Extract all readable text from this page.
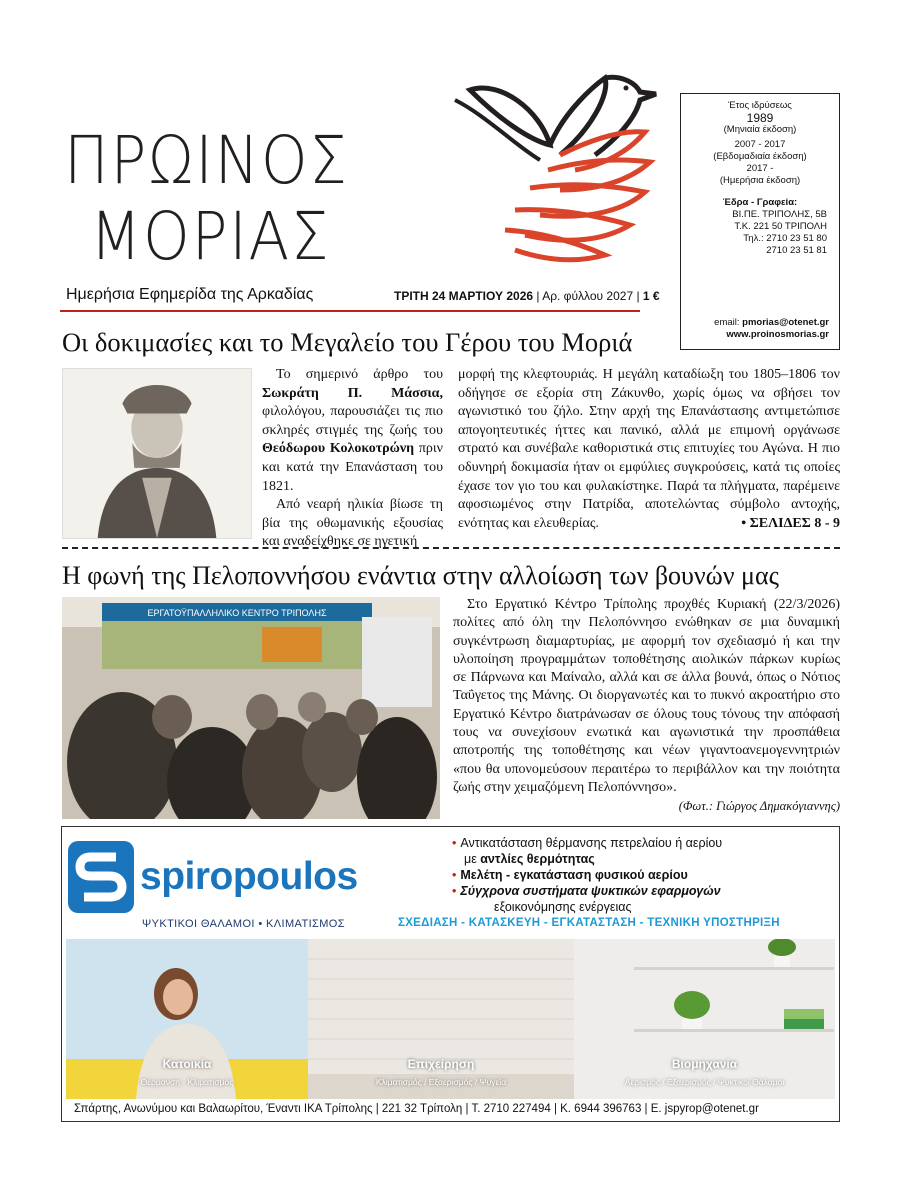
ΠΡΩΙΝΟΣ
ΜΟΡΙΑΣ
Ημερήσια Εφημερίδα της Αρκαδίας	ΤΡΙΤΗ 24 ΜΑΡΤΙΟΥ 2026 | Αρ. φύλλου 2027 | 1 €
Έτος ιδρύσεως
1989
(Μηνιαία έκδοση)
2007 - 2017
(Εβδομαδιαία έκδοση)
2017 -
(Ημερήσια έκδοση)
Έδρα - Γραφεία:
ΒΙ.ΠΕ. ΤΡΙΠΟΛΗΣ, 5Β
Τ.Κ. 221 50 ΤΡΙΠΟΛΗ
Τηλ.: 2710 23 51 80
2710 23 51 81
email: pmorias@otenet.gr
www.proinosmorias.gr
Οι δοκιμασίες και το Μεγαλείο του Γέρου του Μοριά

Το σημερινό άρθρο του Σωκράτη Π. Μάσσια, φιλολόγου, παρουσιάζει τις πιο σκληρές στιγμές της ζωής του Θεόδωρου Κολοκοτρώνη πριν και κατά την Επανάσταση του 1821.

Από νεαρή ηλικία βίωσε τη βία της οθωμανικής εξουσίας και αναδείχθηκε σε ηγετική

μορφή της κλεφτουριάς. Η μεγάλη καταδίωξη του 1805–1806 τον οδήγησε σε εξορία στη Ζάκυνθο, χωρίς όμως να σβήσει τον αγωνιστικό του ζήλο. Στην αρχή της Επανάστασης αντιμετώπισε απογοητευτικές ήττες και πανικό, αλλά με επιμονή οργάνωσε στρατό και συνέβαλε καθοριστικά στις επιτυχίες του Αγώνα. Η πιο οδυνηρή δοκιμασία ήταν οι εμφύλιες συγκρούσεις, κατά τις οποίες έχασε τον γιο του και φυλακίστηκε. Παρά τα πλήγματα, παρέμεινε αφοσιωμένος στην Πατρίδα, αποτελώντας σύμβολο αντοχής, ενότητας και ελευθερίας.	• ΣΕΛΙΔΕΣ 8 - 9
Η φωνή της Πελοποννήσου ενάντια στην αλλοίωση των βουνών μας
ΕΡΓΑΤΟΫΠΑΛΛΗΛΙΚΟ ΚΕΝΤΡΟ ΤΡΙΠΟΛΗΣ

Στο Εργατικό Κέντρο Τρίπολης προχθές Κυριακή (22/3/2026) πολίτες από όλη την Πελοπόννησο ενώθηκαν σε μια δυναμική συγκέντρωση διαμαρτυρίας, με αφορμή τον σχεδιασμό ή και την υλοποίηση προγραμμάτων τοποθέτησης αιολικών πάρκων κυρίως σε Πάρνωνα και Μαίναλο, αλλά και σε άλλα βουνά, όπως ο Νότιος Ταΰγετος της Μάνης. Οι διοργανωτές και το πυκνό ακροατήριο στο Εργατικό Κέντρο διατράνωσαν σε όλους τους τόνους την απόφασή τους να συνεχίσουν ενωτικά και αγωνιστικά την προσπάθεια αποτροπής της τοποθέτησης και νέων γιγαντοανεμογεννητριών «που θα υπονομεύσουν περαιτέρω το περιβάλλον και την ποιότητα ζωής στην χειμαζόμενη Πελοπόννησο».

(Φωτ.: Γιώργος Δημακόγιαννης)
spiropoulos
ΨΥΚΤΙΚΟΙ ΘΑΛΑΜΟΙ • ΚΛΙΜΑΤΙΣΜΟΣ
• Αντικατάσταση θέρμανσης πετρελαίου ή αερίου
με αντλίες θερμότητας
• Μελέτη - εγκατάσταση φυσικού αερίου
• Σύγχρονα συστήματα ψυκτικών εφαρμογών
εξοικονόμησης ενέργειας
ΣΧΕΔΙΑΣΗ - ΚΑΤΑΣΚΕΥΗ - ΕΓΚΑΤΑΣΤΑΣΗ - ΤΕΧΝΙΚΗ ΥΠΟΣΤΗΡΙΞΗ
Κατοικία
Θέρμανση - Κλιματισμός
Επιχείρηση
Κλιματισμός / Εξαερισμός / Ψυγεία
Βιομηχανία
Αερισμός / Εξαερισμός / Ψυκτικοί Θάλαμοι
Σπάρτης, Ανωνύμου και Βαλαωρίτου, Έναντι ΙΚΑ Τρίπολης | 221 32 Τρίπολη | Τ. 2710 227494 | Κ. 6944 396763 | Ε. jspyrop@otenet.gr
